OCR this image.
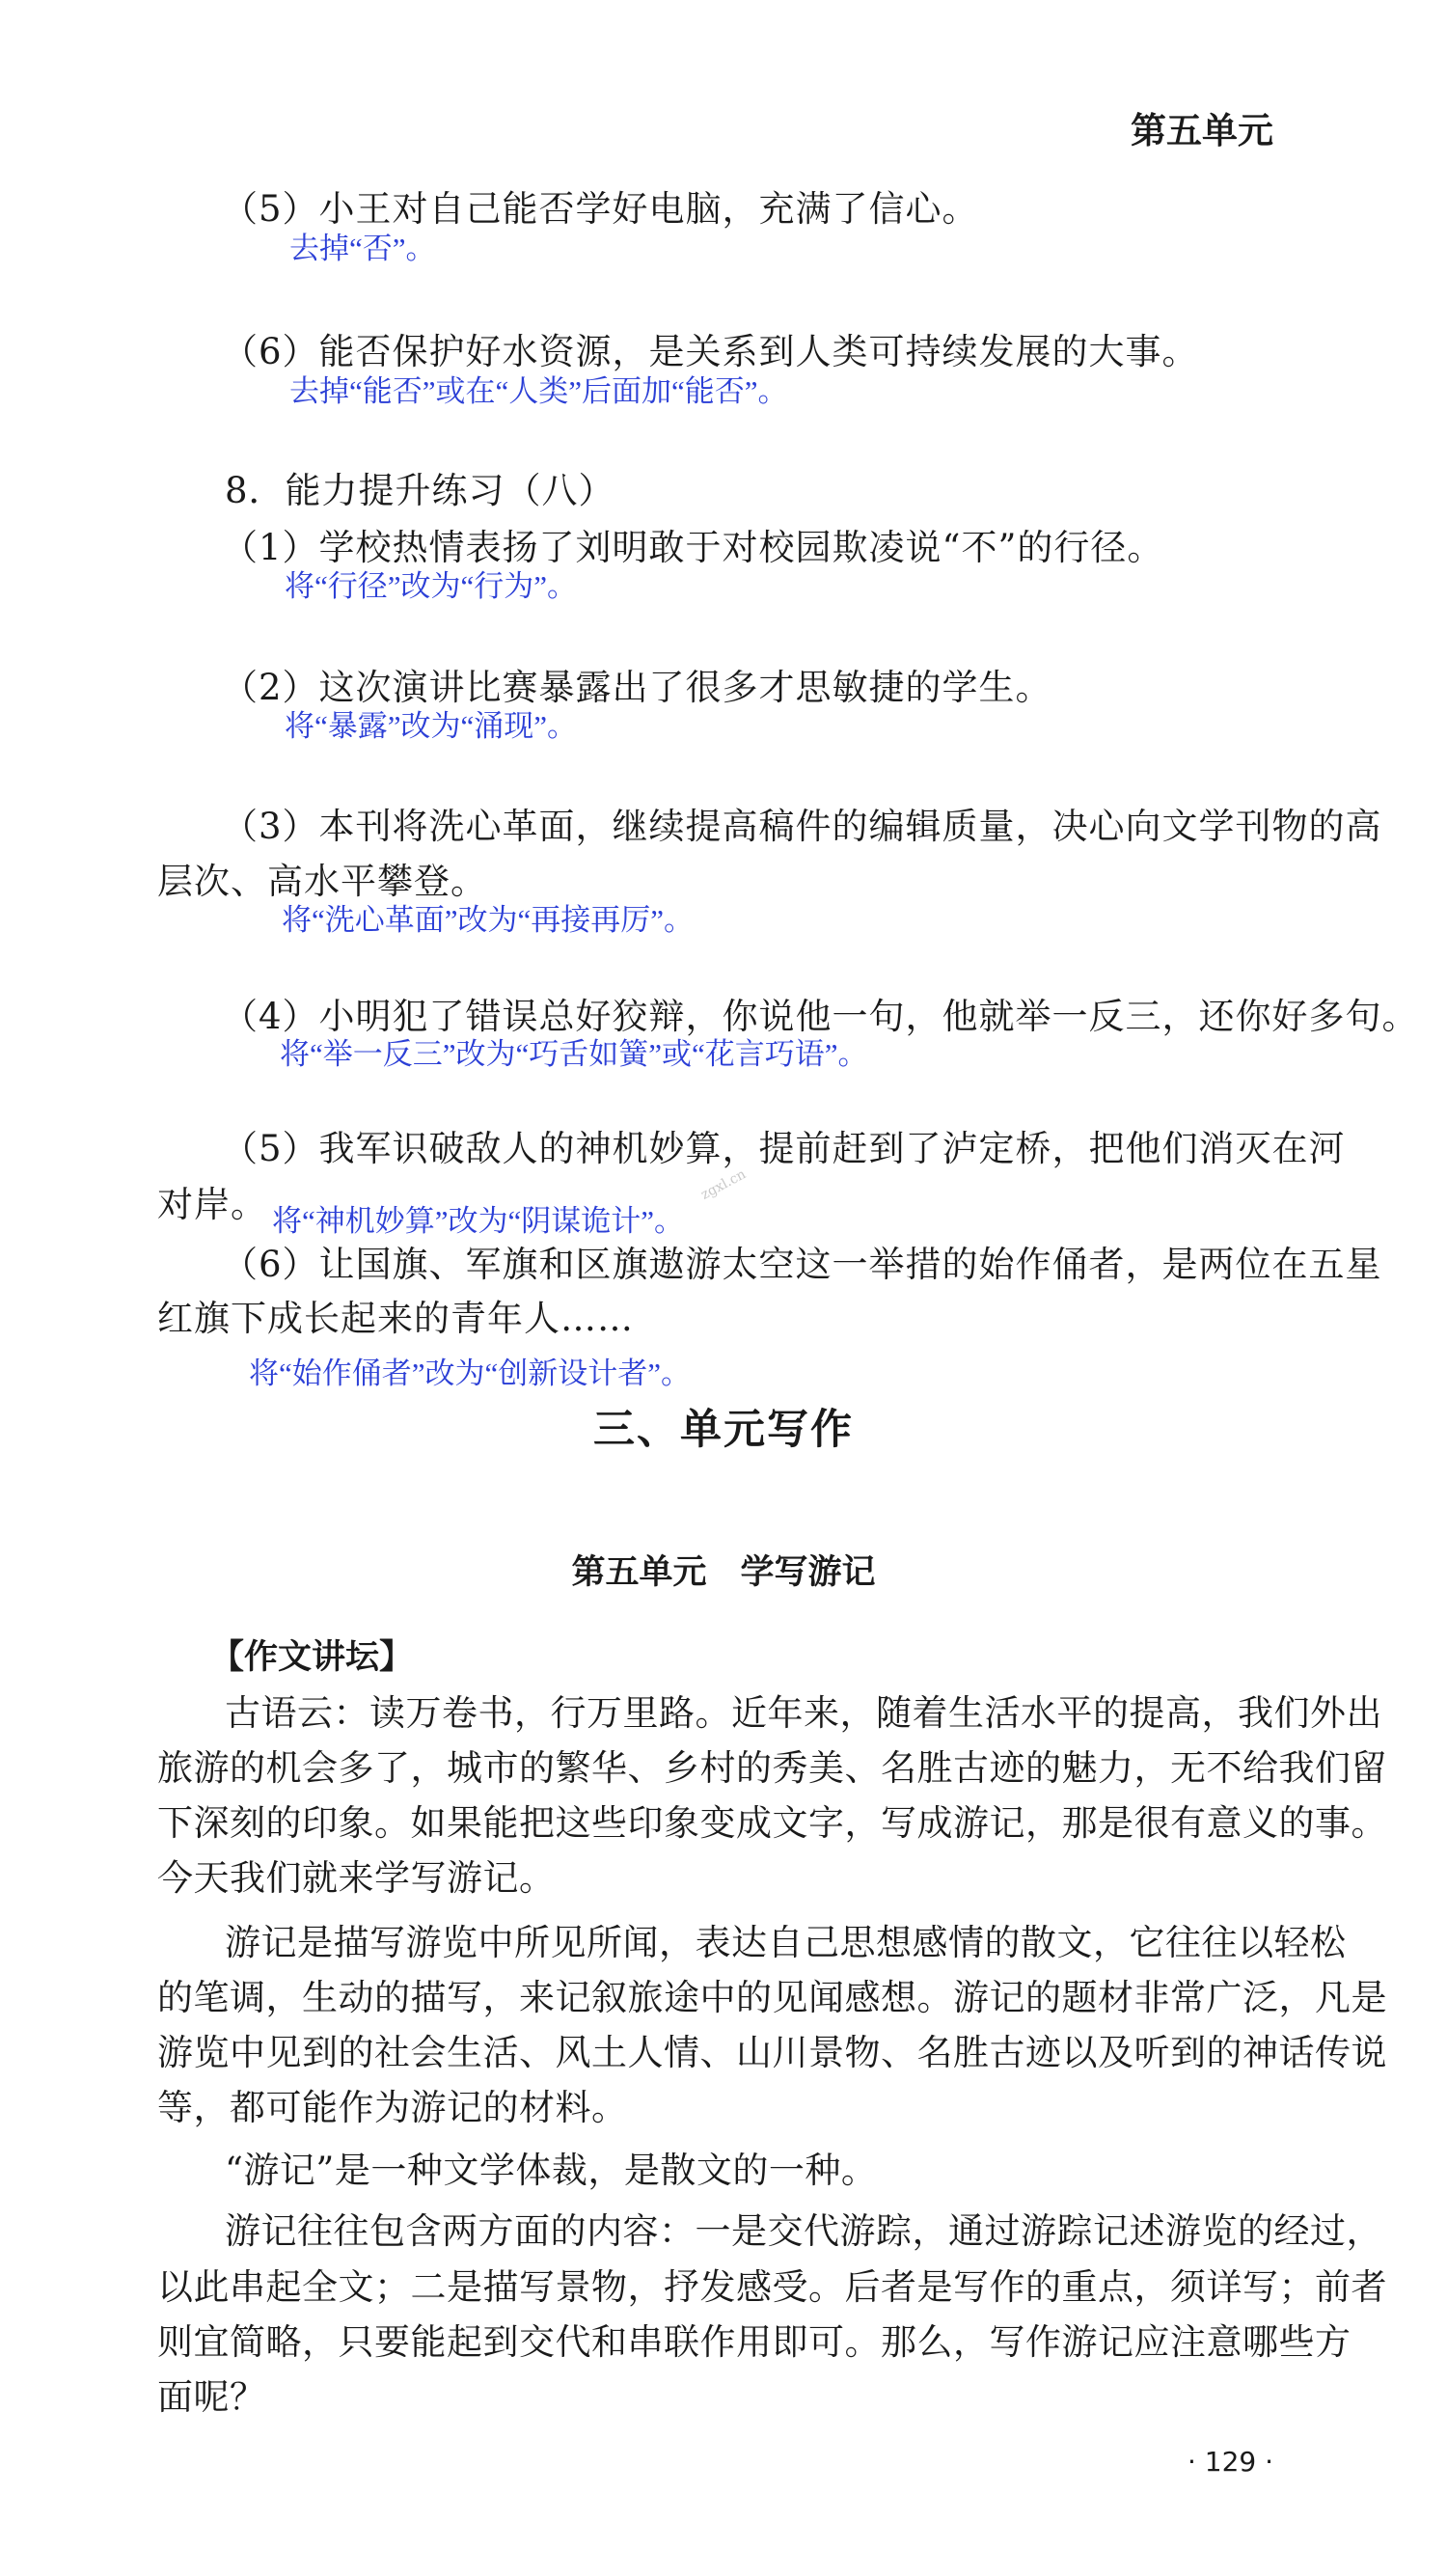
第五单元
（5）小王对自己能否学好电脑，充满了信心。
去掉“否”。
（6）能否保护好水资源，是关系到人类可持续发展的大事。
去掉“能否”或在“人类”后面加“能否”。
8．能力提升练习（八）
（1）学校热情表扬了刘明敢于对校园欺凌说“不”的行径。
将“行径”改为“行为”。
（2）这次演讲比赛暴露出了很多才思敏捷的学生。
将“暴露”改为“涌现”。
（3）本刊将洗心革面，继续提高稿件的编辑质量，决心向文学刊物的高
层次、高水平攀登。
将“洗心革面”改为“再接再厉”。
（4）小明犯了错误总好狡辩，你说他一句，他就举一反三，还你好多句。
将“举一反三”改为“巧舌如簧”或“花言巧语”。
（5）我军识破敌人的神机妙算，提前赶到了泸定桥，把他们消灭在河
对岸。 将“神机妙算”改为“阴谋诡计”。
zgxl.cn
（6）让国旗、军旗和区旗遨游太空这一举措的始作俑者，是两位在五星
红旗下成长起来的青年人……
将“始作俑者”改为“创新设计者”。
三、单元写作
第五单元　学写游记
【作文讲坛】
古语云：读万卷书，行万里路。近年来，随着生活水平的提高，我们外出
旅游的机会多了，城市的繁华、乡村的秀美、名胜古迹的魅力，无不给我们留
下深刻的印象。如果能把这些印象变成文字，写成游记，那是很有意义的事。
今天我们就来学写游记。
游记是描写游览中所见所闻，表达自己思想感情的散文，它往往以轻松
的笔调，生动的描写，来记叙旅途中的见闻感想。游记的题材非常广泛，凡是
游览中见到的社会生活、风土人情、山川景物、名胜古迹以及听到的神话传说
等，都可能作为游记的材料。
“游记”是一种文学体裁，是散文的一种。
游记往往包含两方面的内容：一是交代游踪，通过游踪记述游览的经过，
以此串起全文；二是描写景物，抒发感受。后者是写作的重点，须详写；前者
则宜简略，只要能起到交代和串联作用即可。那么，写作游记应注意哪些方
面呢？
· 129 ·
